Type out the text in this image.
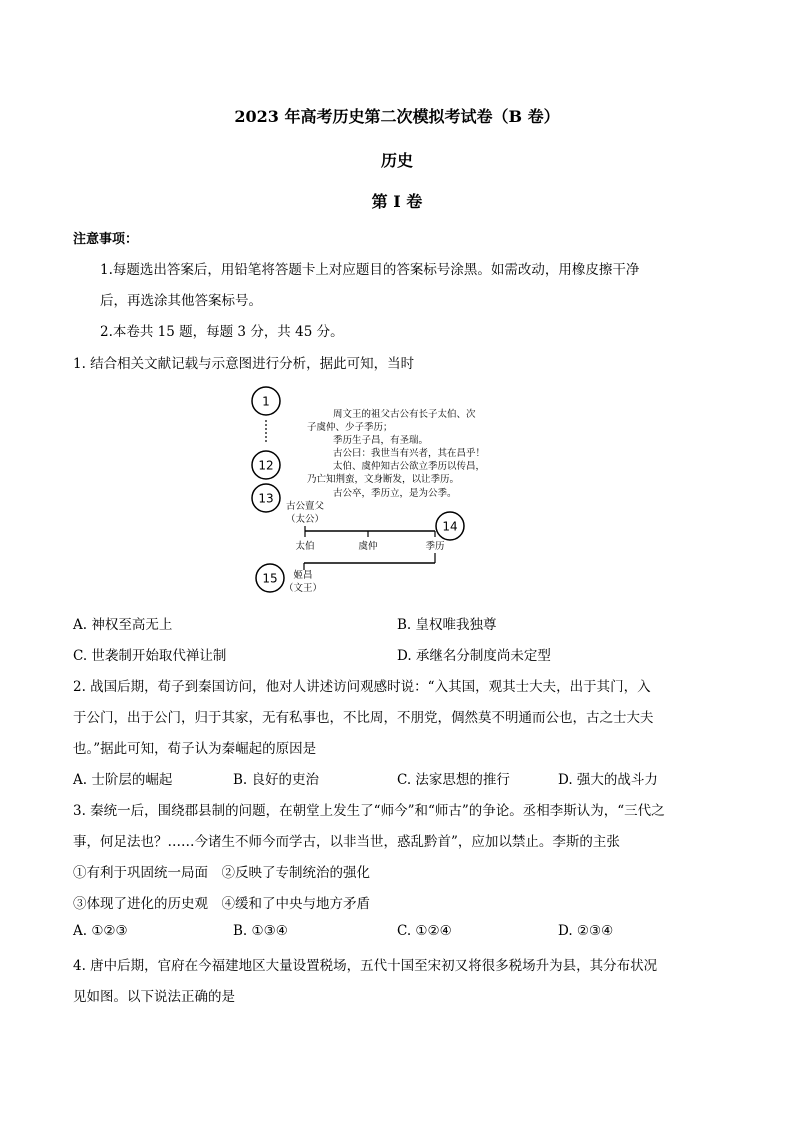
2023 年高考历史第二次模拟考试卷（B 卷）
历史
第 I 卷
注意事项：
1.每题选出答案后，用铅笔将答题卡上对应题目的答案标号涂黑。如需改动，用橡皮擦干净
后，再选涂其他答案标号。
2.本卷共 15 题，每题 3 分，共 45 分。
1. 结合相关文献记载与示意图进行分析，据此可知，当时
1
12
13
周文王的祖父古公有长子太伯、次
子虞仲、少子季历；
季历生子昌，有圣瑞。
古公曰：我世当有兴者，其在昌乎！
太伯、虞仲知古公欲立季历以传昌，
乃亡知荆蛮，文身断发，以让季历。
古公卒，季历立，是为公季。
古公亶父
（太公）	14
太伯	虞仲	季历
15 姬昌
（文王）
A. 神权至高无上	B. 皇权唯我独尊
C. 世袭制开始取代禅让制	D. 承继名分制度尚未定型
2. 战国后期，荀子到秦国访问，他对人讲述访问观感时说：“入其国，观其士大夫，出于其门，入
于公门，出于公门，归于其家，无有私事也，不比周，不朋党，倜然莫不明通而公也，古之士大夫
也。”据此可知，荀子认为秦崛起的原因是
A. 士阶层的崛起	B. 良好的吏治	C. 法家思想的推行	D. 强大的战斗力
3. 秦统一后，围绕郡县制的问题，在朝堂上发生了“师今”和“师古”的争论。丞相李斯认为，“三代之
事，何足法也？……今诸生不师今而学古，以非当世，惑乱黔首”，应加以禁止。李斯的主张
①有利于巩固统一局面　②反映了专制统治的强化
③体现了进化的历史观　④缓和了中央与地方矛盾
A. ①②③	B. ①③④	C. ①②④	D. ②③④
4. 唐中后期，官府在今福建地区大量设置税场，五代十国至宋初又将很多税场升为县，其分布状况
见如图。以下说法正确的是
